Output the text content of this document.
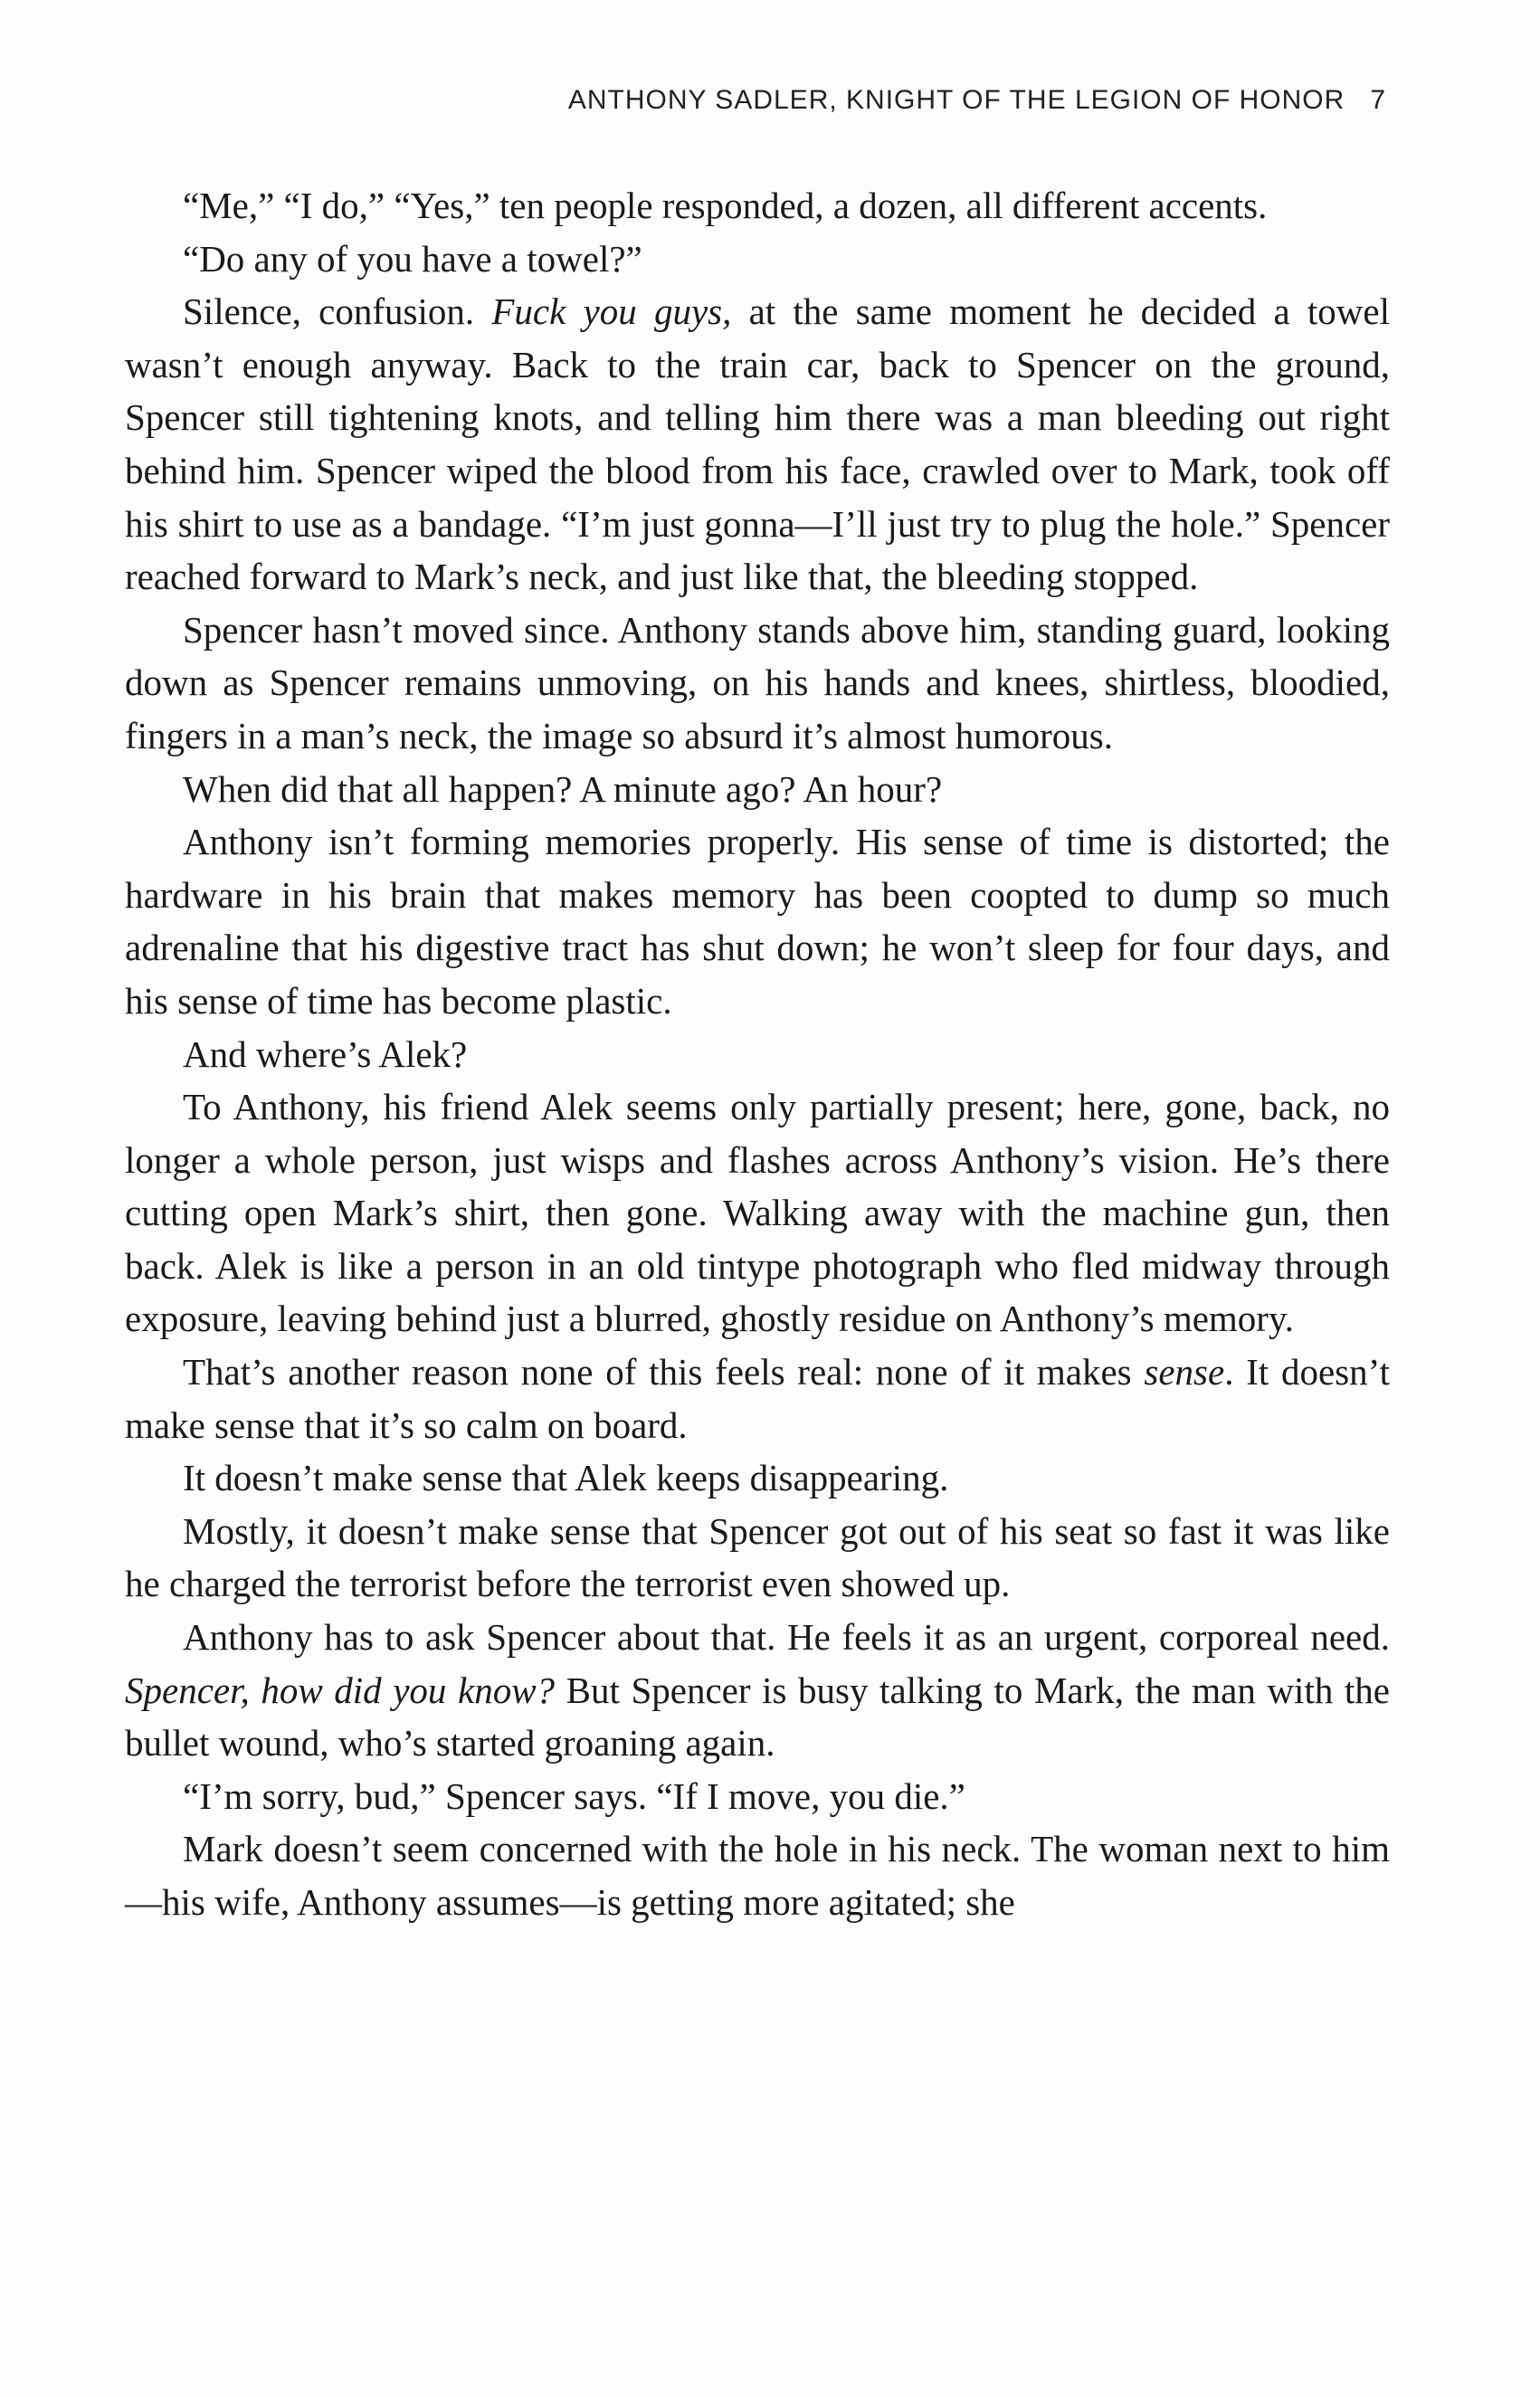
ANTHONY SADLER, KNIGHT OF THE LEGION OF HONOR 7

“Me,” “I do,” “Yes,” ten people responded, a dozen, all different accents.

“Do any of you have a towel?”

Silence, confusion. Fuck you guys, at the same moment he decided a towel wasn’t enough anyway. Back to the train car, back to Spencer on the ground, Spencer still tightening knots, and telling him there was a man bleeding out right behind him. Spencer wiped the blood from his face, crawled over to Mark, took off his shirt to use as a bandage. “I’m just gonna—I’ll just try to plug the hole.” Spencer reached forward to Mark’s neck, and just like that, the bleeding stopped.

Spencer hasn’t moved since. Anthony stands above him, standing guard, looking down as Spencer remains unmoving, on his hands and knees, shirtless, bloodied, fingers in a man’s neck, the image so absurd it’s almost humorous.

When did that all happen? A minute ago? An hour?

Anthony isn’t forming memories properly. His sense of time is distorted; the hardware in his brain that makes memory has been coopted to dump so much adrenaline that his digestive tract has shut down; he won’t sleep for four days, and his sense of time has become plastic.

And where’s Alek?

To Anthony, his friend Alek seems only partially present; here, gone, back, no longer a whole person, just wisps and flashes across Anthony’s vision. He’s there cutting open Mark’s shirt, then gone. Walking away with the machine gun, then back. Alek is like a person in an old tintype photograph who fled midway through exposure, leaving behind just a blurred, ghostly residue on Anthony’s memory.

That’s another reason none of this feels real: none of it makes sense. It doesn’t make sense that it’s so calm on board.

It doesn’t make sense that Alek keeps disappearing.

Mostly, it doesn’t make sense that Spencer got out of his seat so fast it was like he charged the terrorist before the terrorist even showed up.

Anthony has to ask Spencer about that. He feels it as an urgent, corporeal need. Spencer, how did you know? But Spencer is busy talking to Mark, the man with the bullet wound, who’s started groaning again.

“I’m sorry, bud,” Spencer says. “If I move, you die.”

Mark doesn’t seem concerned with the hole in his neck. The woman next to him—his wife, Anthony assumes—is getting more agitated; she
